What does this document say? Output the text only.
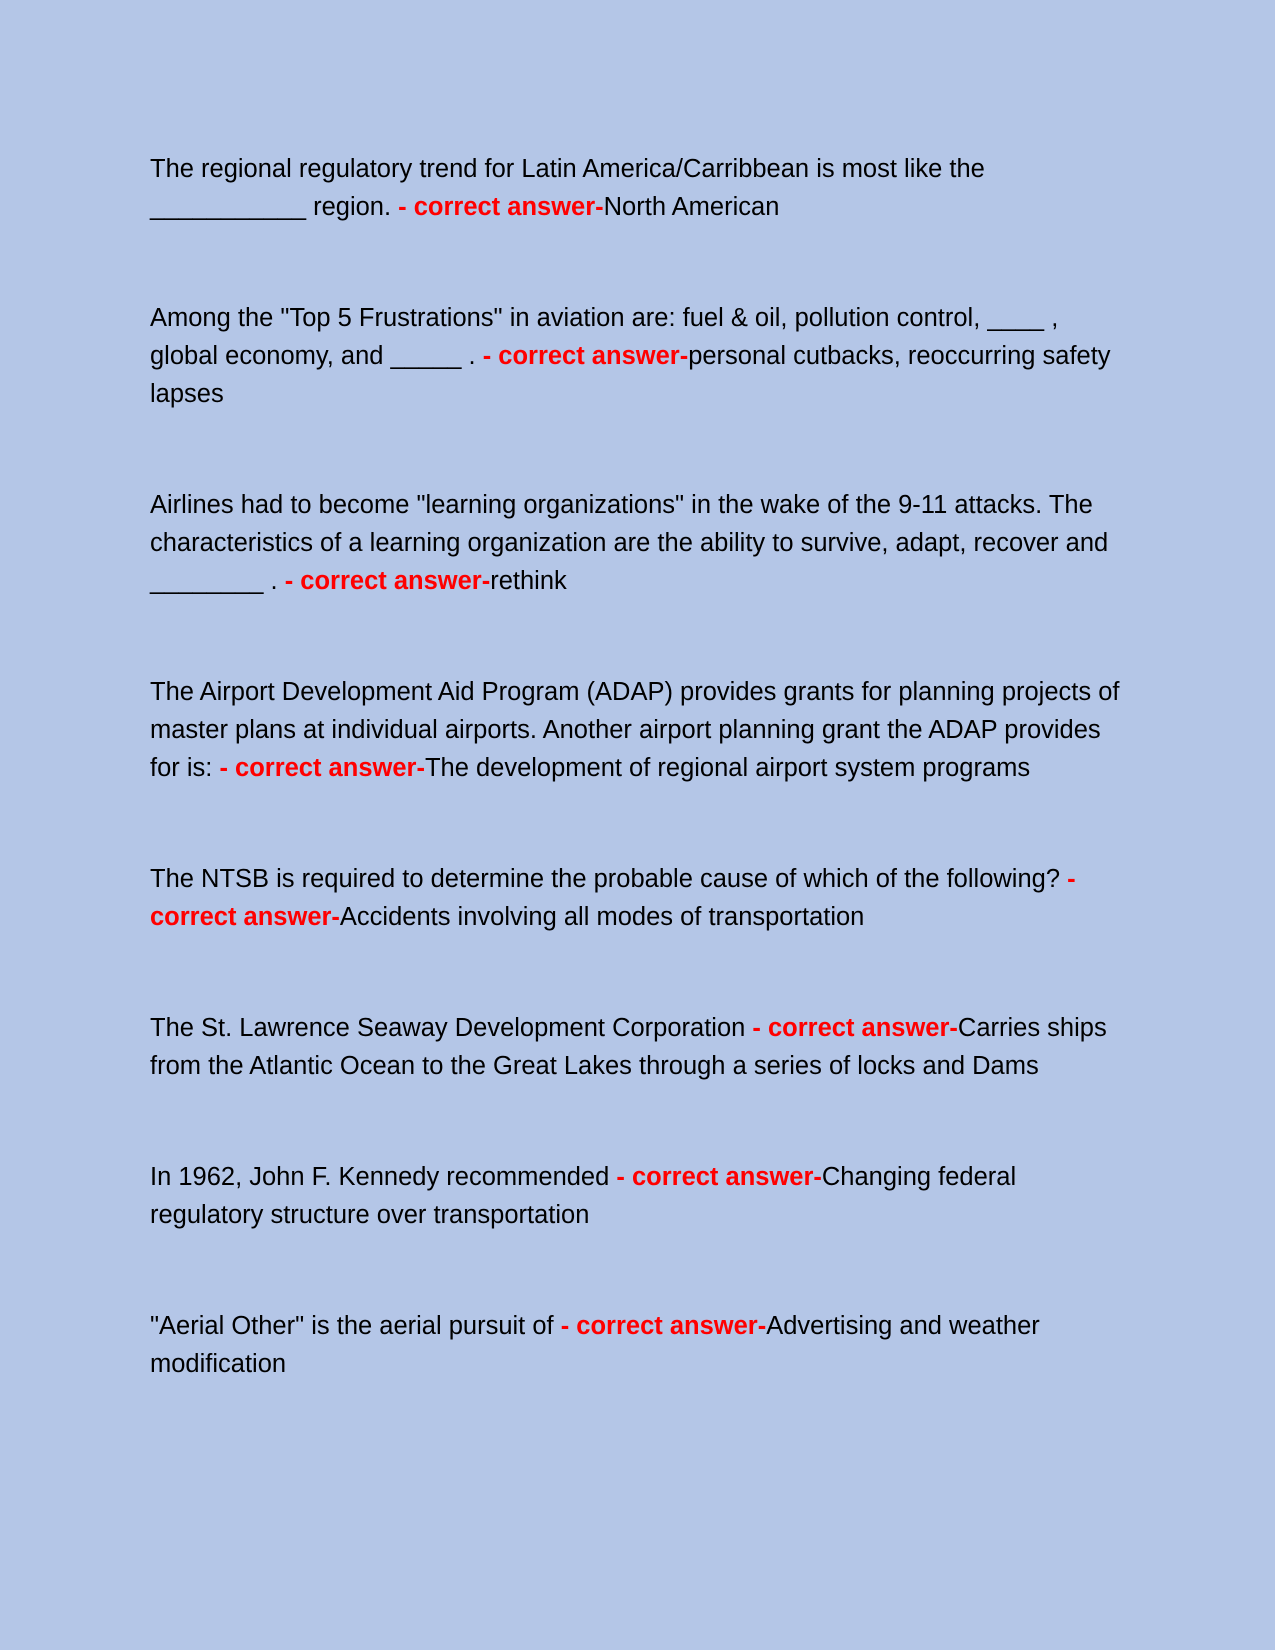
The regional regulatory trend for Latin America/Carribbean is most like the ___________ region. - correct answer-North American

Among the "Top 5 Frustrations" in aviation are: fuel & oil, pollution control, ____ , global economy, and _____ . - correct answer-personal cutbacks, reoccurring safety lapses

Airlines had to become "learning organizations" in the wake of the 9-11 attacks. The characteristics of a learning organization are the ability to survive, adapt, recover and ________ . - correct answer-rethink

The Airport Development Aid Program (ADAP) provides grants for planning projects of master plans at individual airports. Another airport planning grant the ADAP provides for is: - correct answer-The development of regional airport system programs

The NTSB is required to determine the probable cause of which of the following? - correct answer-Accidents involving all modes of transportation

The St. Lawrence Seaway Development Corporation - correct answer-Carries ships from the Atlantic Ocean to the Great Lakes through a series of locks and Dams

In 1962, John F. Kennedy recommended - correct answer-Changing federal regulatory structure over transportation

"Aerial Other" is the aerial pursuit of - correct answer-Advertising and weather modification
